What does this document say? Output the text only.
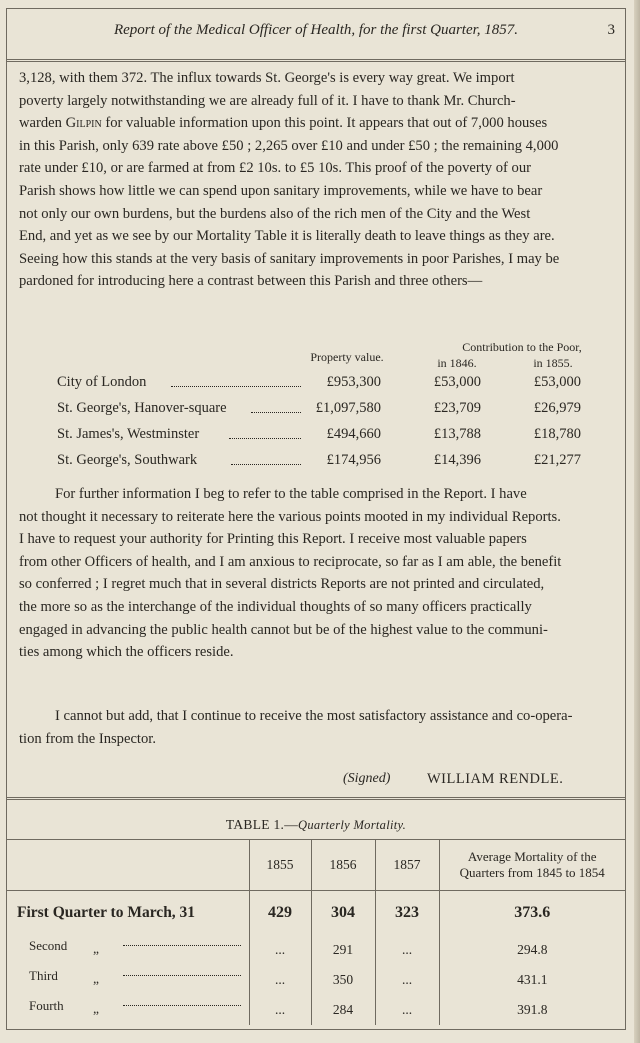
Report of the Medical Officer of Health, for the first Quarter, 1857.	3
3,128, with them 372. The influx towards St. George's is every way great. We import
poverty largely notwithstanding we are already full of it. I have to thank Mr. Church-
warden Gilpin for valuable information upon this point. It appears that out of 7,000 houses
in this Parish, only 639 rate above £50 ; 2,265 over £10 and under £50 ; the remaining 4,000
rate under £10, or are farmed at from £2 10s. to £5 10s. This proof of the poverty of our
Parish shows how little we can spend upon sanitary improvements, while we have to bear
not only our own burdens, but the burdens also of the rich men of the City and the West
End, and yet as we see by our Mortality Table it is literally death to leave things as they are.
Seeing how this stands at the very basis of sanitary improvements in poor Parishes, I may be
pardoned for introducing here a contrast between this Parish and three others—
Property value.
Contribution to the Poor,
in 1846.	in 1855.
City of London	£953,300	£53,000	£53,000
St. George's, Hanover-square	£1,097,580	£23,709	£26,979
St. James's, Westminster	£494,660	£13,788	£18,780
St. George's, Southwark	£174,956	£14,396	£21,277
For further information I beg to refer to the table comprised in the Report. I have
not thought it necessary to reiterate here the various points mooted in my individual Reports.
I have to request your authority for Printing this Report. I receive most valuable papers
from other Officers of health, and I am anxious to reciprocate, so far as I am able, the benefit
so conferred ; I regret much that in several districts Reports are not printed and circulated,
the more so as the interchange of the individual thoughts of so many officers practically
engaged in advancing the public health cannot but be of the highest value to the communi-
ties among which the officers reside.
I cannot but add, that I continue to receive the most satisfactory assistance and co-opera-
tion from the Inspector.
(Signed)	WILLIAM RENDLE.
TABLE 1.—Quarterly Mortality.
	1855	1856	1857	Average Mortality of the
Quarters from 1845 to 1854

First Quarter to March, 31	429	304	323	373.6

Second „	...	291	...	294.8

Third „	...	350	...	431.1

Fourth „	...	284	...	391.8
